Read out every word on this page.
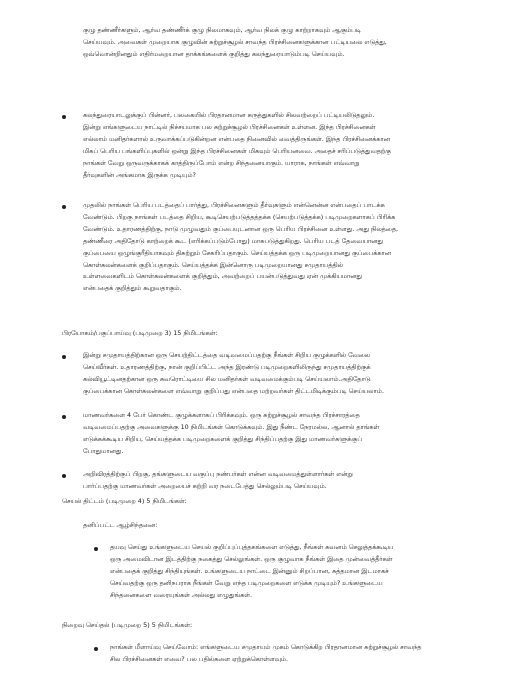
குழு தண்ணீர்களும், ஆர்வ தண்ணீர்க் குழு நிலமாகவும், ஆர்வ நிலக் குழு காற்றாகவும் ஆகும்படி
செய்யவும். அவைகள் முறையாக குழுவின் சுற்றுச்சூழல் சாவந்த பிரச்சினைகளுக்கான பட்டியலை எடுத்து,
ஒவ்வொன்றினதும் எதிர்மறையான தாக்கங்களைக் குறித்து கலந்துரையாடும்படி செய்யவும்.

கலந்துரையாடலுக்குப் பின்னர், பலகையில் பிரதானமான கருத்துகளில் சிலவற்றைப் பட்டியலிடுதலும்.
இன்று எங்களுடைய நாட்டில் நிச்சயமாக பல சுற்றுச்சூழல் பிரச்சினைகள் உள்ளன. இந்த பிரச்சினைகள்
எல்லாம் மனிதர்களால் உருவாக்கப்படுகின்றன என்பதை நினைவில் வைத்திருங்கள். இந்த பிரச்சினைக்கான
மிகப் பெரிய பங்களிப்புகளில் ஒன்று இந்த பிரச்சினைகள் மிகவும் பெரியனவை. அதைச் சரிப்படுத்துவதற்கு
நாங்கள் வேறு ஒருவருக்காகக் காத்திருப்போம் என்ற சிந்தனையாகும். யாராக, நாங்கள் எவ்வாறு
தீர்வுகளின் அங்கமாக இருக்க முடியும்?

முதலில் நாங்கள் பெரிய படத்தைப் பார்த்து, பிரச்சினைகளும் தீர்வுகளும் என்னென்ன என்பதைப் பாடக்க
வேண்டும். பிறகு நாங்கள் படத்தை சிறிய, கூடிசெயற்படுத்தத்தக்க (செயற்படுத்தக்க) படிமுறைகளாகப் பிரிக்க
வேண்டும். உதாரணத்திற்கு, நாடு முழுவதும் குப்பையுடனான ஒரு பெரிய பிரச்சினை உள்ளது. அது நிலத்தை,
தண்ணீரை அதிதோடு காற்றைக் கூட (எரிக்கப்படும்போது) மாசுபடுத்துகிறது. பெரிய படத் தேவையானது
குப்பையை ஒழுங்குரீதியாகவும் திசுற்றும் சேகரிப்பதாகும். செய்யத்தக்க ஒரு படிமுறையானது குப்பைக்கான
கொள்கலன்களைக் குறிப்பதாகும். செய்யத்தக்க இன்னொரு படிமுறையானது சமுதாயத்தில்
உள்ளவைகளிடம் கொள்கலன்களைக் குறித்தும், அவற்றைப் பயன்படுத்துவது ஏன் முக்கியமானது
என்பதைக் குறித்தும் கூறுவதாகும்.

பிரயோகம்/பகுப்பாய்வு (படிமுறை 3) 15 நிமிடங்கள்:

இன்று சமுதாயத்திற்கான ஒரு செயற்திட்டத்தை வடிவமைப்பதற்கு நீங்கள் சிறிய குழுக்களில் வேலை
செய்வீர்கள். உதாரணத்திற்கு, நான் குறிப்பிட்ட அந்த இரண்டு படிமுறைகளிலிருந்து சமுதாயத்திற்குக்
கல்வியூட்டினதற்கான ஒரு சுவரொட்டியை சில மனிதர்கள் வடிவமைக்கும்படி செய்யலாம்.அதிதோடு
குப்பைக்கான கொள்கலன்களை எவ்வாறு குறிப்பது என்பதை மற்றவர்கள் திட்டமிடிக்கும்படி செய்யலாம்.

மாணவர்களை 4 பேர் கொண்ட குழுக்களாகப் பிரிக்கவும். ஒரு சுற்றுச்சூழல் சாவந்த பிரச்சாரத்தை
வடிவமைப்பதற்கு அவைகளுக்கு 10 நிமிடங்கள் கொடுக்கவும். இது நீண்ட நேரமல்ல, ஆனால் தாங்கள்
எடுக்கக்கூடிய சிறிய, செய்யத்தக்க படிமுறைகளைக் குறித்து சிந்திப்பதற்கு இது மாணவர்களுக்குப்
போதுமானது.

அறிவிரத்திற்குப் பிறகு, தங்களுடைய வகுப்பு நண்பர்கள் என்ன வடிவமைத்துள்ளார்கள் என்று
பார்ப்பதற்கு மாணவர்கள் அறையைச் சுற்றி வர நடைபேத்து செல்லும்படி செய்யவும்.

செயல் திட்டம் (படிமுறை 4) 5 நிமிடங்கள்:

தனிப்பட்ட ஆழ்சிந்தனை:

தயவு செய்து உங்களுடைய செயல் குறிப்புப்புத்தகங்களை எடுத்து, நீங்கள் கவனம் செலுத்தக்கூடிய
ஒரு அமைவிடான இடத்திற்கு நகைத்து செல்லுங்கள். ஒரு குழுவாக நீங்கள் இதை முன்வைத்தீர்கள்
என்பதைக் குறித்து சிந்தியுங்கள். உங்களுடைய நாட்டை இன்னும் சிறப்பான, சுத்தமான இடமாகச்
செய்வதற்கு ஒரு தனிநபராக நீங்கள் வேறு எந்த படிமுறைகளை எடுக்க முடியும்? உங்களுடைய
சிந்தனைகளை வரையுங்கள் அல்லது எழுதுங்கள்.

நிறைவு செய்தல் (படிமுறை 5) 5 நிமிடங்கள்:

நாங்கள் மீளாய்வு செய்வோம்: எங்களுடைய சமுதாயம் முகம் கொடுக்கிற பிரதானமான சுற்றுச்சூழல் சாவந்த
சில பிரச்சினைகள் எவை? பல பதில்களை ஏற்றுக்கொள்ளவும்.
